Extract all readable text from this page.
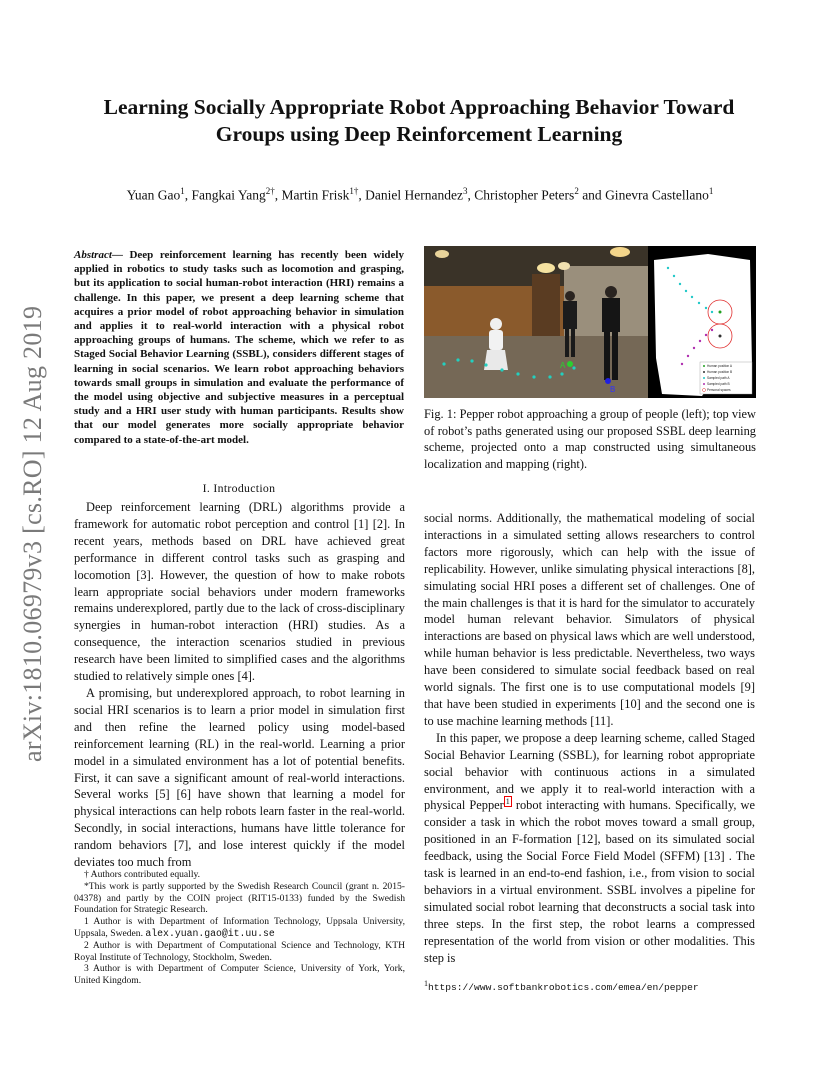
arXiv:1810.06979v3 [cs.RO] 12 Aug 2019
Learning Socially Appropriate Robot Approaching Behavior Toward
Groups using Deep Reinforcement Learning
Yuan Gao$^1$, Fangkai Yang$^{2\dagger}$, Martin Frisk$^{1\dagger}$, Daniel Hernandez$^3$, Christopher Peters$^2$ and Ginevra Castellano$^1$
Abstract— Deep reinforcement learning has recently been widely applied in robotics to study tasks such as locomotion and grasping, but its application to social human-robot interaction (HRI) remains a challenge. In this paper, we present a deep learning scheme that acquires a prior model of robot approaching behavior in simulation and applies it to real-world interaction with a physical robot approaching groups of humans. The scheme, which we refer to as Staged Social Behavior Learning (SSBL), considers different stages of learning in social scenarios. We learn robot approaching behaviors towards small groups in simulation and evaluate the performance of the model using objective and subjective measures in a perceptual study and a HRI user study with human participants. Results show that our model generates more socially appropriate behavior compared to a state-of-the-art model.
I. Introduction

Deep reinforcement learning (DRL) algorithms provide a framework for automatic robot perception and control [1] [2]. In recent years, methods based on DRL have achieved great performance in different control tasks such as grasping and locomotion [3]. However, the question of how to make robots learn appropriate social behaviors under modern frameworks remains underexplored, partly due to the lack of cross-disciplinary synergies in human-robot interaction (HRI) studies. As a consequence, the interaction scenarios studied in previous research have been limited to simplified cases and the algorithms studied to relatively simple ones [4].

A promising, but underexplored approach, to robot learning in social HRI scenarios is to learn a prior model in simulation first and then refine the learned policy using model-based reinforcement learning (RL) in the real-world. Learning a prior model in a simulated environment has a lot of potential benefits. First, it can save a significant amount of real-world interactions. Several works [5] [6] have shown that learning a model for physical interactions can help robots learn faster in the real-world. Secondly, in social interactions, humans have little tolerance for random behaviors [7], and lose interest quickly if the model deviates too much from

† Authors contributed equally.

*This work is partly supported by the Swedish Research Council (grant n. 2015-04378) and partly by the COIN project (RIT15-0133) funded by the Swedish Foundation for Strategic Research.

1 Author is with Department of Information Technology, Uppsala University, Uppsala, Sweden. alex.yuan.gao@it.uu.se

2 Author is with Department of Computational Science and Technology, KTH Royal Institute of Technology, Stockholm, Sweden.

3 Author is with Department of Computer Science, University of York, York, United Kingdom.

A
B
Human position A
Human position B
Sampled path A
Sampled path B
Personal spaces
Fig. 1: Pepper robot approaching a group of people (left); top view of robot’s paths generated using our proposed SSBL deep learning scheme, projected onto a map constructed using simultaneous localization and mapping (right).

social norms. Additionally, the mathematical modeling of social interactions in a simulated setting allows researchers to control factors more rigorously, which can help with the issue of replicability. However, unlike simulating physical interactions [8], simulating social HRI poses a different set of challenges. One of the main challenges is that it is hard for the simulator to accurately model human relevant behavior. Simulators of physical interactions are based on physical laws which are well understood, while human behavior is less predictable. Nevertheless, two ways have been considered to simulate social feedback based on real world signals. The first one is to use computational models [9] that have been studied in experiments [10] and the second one is to use machine learning methods [11].

In this paper, we propose a deep learning scheme, called Staged Social Behavior Learning (SSBL), for learning robot appropriate social behavior with continuous actions in a simulated environment, and we apply it to real-world interaction with a physical Pepper $^1$ robot interacting with humans. Specifically, we consider a task in which the robot moves toward a small group, positioned in an F-formation [12], based on its simulated social feedback, using the Social Force Field Model (SFFM) [13] . The task is learned in an end-to-end fashion, i.e., from vision to social behaviors in a virtual environment. SSBL involves a pipeline for simulated social robot learning that deconstructs a social task into three steps. In the first step, the robot learns a compressed representation of the world from vision or other modalities. This step is

$^1$https://www.softbankrobotics.com/emea/en/pepper
